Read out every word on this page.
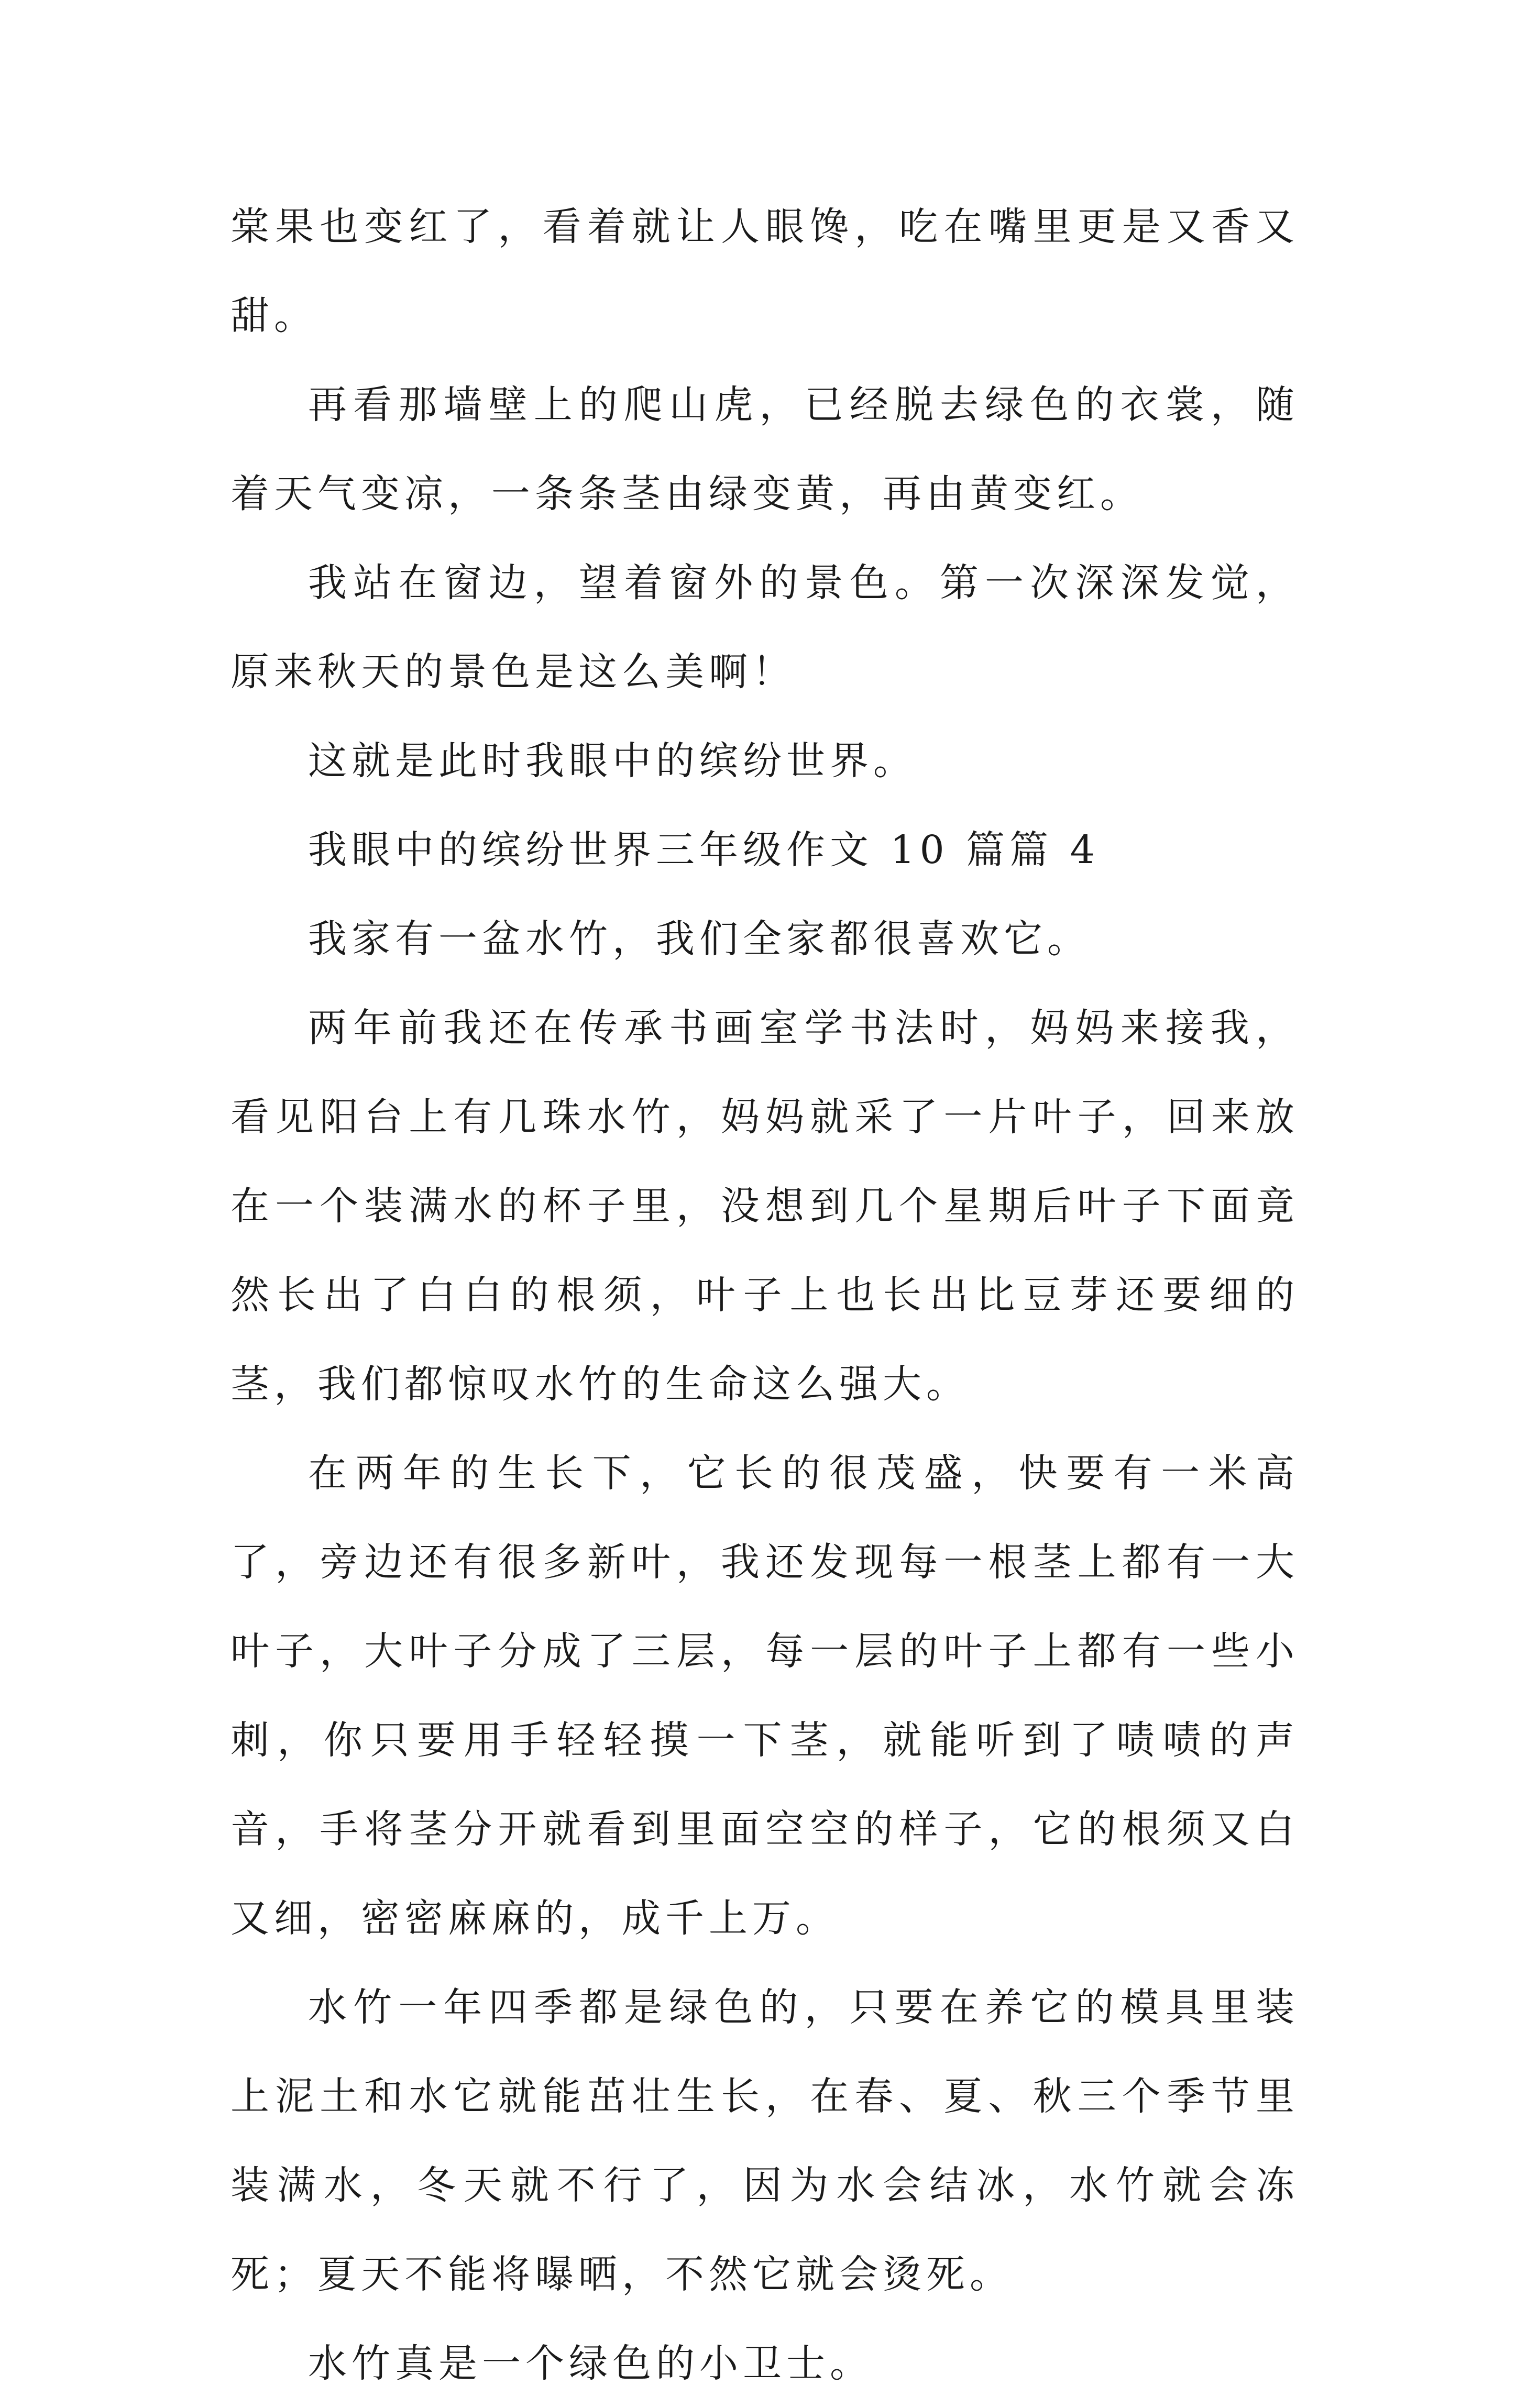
棠果也变红了，看着就让人眼馋，吃在嘴里更是又香又甜。

再看那墙壁上的爬山虎，已经脱去绿色的衣裳，随着天气变凉，一条条茎由绿变黄，再由黄变红。

我站在窗边，望着窗外的景色。第一次深深发觉，原来秋天的景色是这么美啊！

这就是此时我眼中的缤纷世界。

我眼中的缤纷世界三年级作文 10 篇篇 4

我家有一盆水竹，我们全家都很喜欢它。

两年前我还在传承书画室学书法时，妈妈来接我，看见阳台上有几珠水竹，妈妈就采了一片叶子，回来放在一个装满水的杯子里，没想到几个星期后叶子下面竟然长出了白白的根须，叶子上也长出比豆芽还要细的茎，我们都惊叹水竹的生命这么强大。

在两年的生长下，它长的很茂盛，快要有一米高了，旁边还有很多新叶，我还发现每一根茎上都有一大叶子，大叶子分成了三层，每一层的叶子上都有一些小刺，你只要用手轻轻摸一下茎，就能听到了啧啧的声音，手将茎分开就看到里面空空的样子，它的根须又白又细，密密麻麻的，成千上万。

水竹一年四季都是绿色的，只要在养它的模具里装上泥土和水它就能茁壮生长，在春、夏、秋三个季节里装满水，冬天就不行了，因为水会结冰，水竹就会冻死；夏天不能将曝晒，不然它就会烫死。

水竹真是一个绿色的小卫士。
